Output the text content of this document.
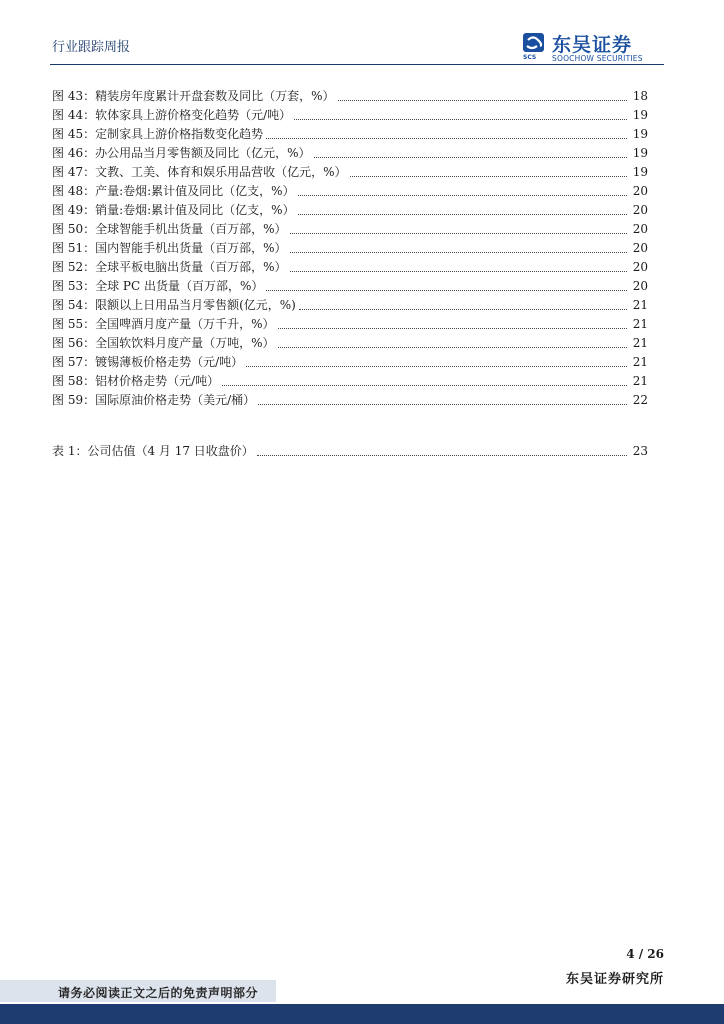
行业跟踪周报
SCS
东吴证券
SOOCHOW SECURITIES
图 43：精装房年度累计开盘套数及同比（万套，%）	18
图 44：软体家具上游价格变化趋势（元/吨）	19
图 45：定制家具上游价格指数变化趋势	19
图 46：办公用品当月零售额及同比（亿元，%）	19
图 47：文教、工美、体育和娱乐用品营收（亿元，%）	19
图 48：产量:卷烟:累计值及同比（亿支，%）	20
图 49：销量:卷烟:累计值及同比（亿支，%）	20
图 50：全球智能手机出货量（百万部，%）	20
图 51：国内智能手机出货量（百万部，%）	20
图 52：全球平板电脑出货量（百万部，%）	20
图 53：全球 PC 出货量（百万部，%）	20
图 54：限额以上日用品当月零售额(亿元，%)	21
图 55：全国啤酒月度产量（万千升，%）	21
图 56：全国软饮料月度产量（万吨，%）	21
图 57：镀锡薄板价格走势（元/吨）	21
图 58：铝材价格走势（元/吨）	21
图 59：国际原油价格走势（美元/桶）	22
表 1：公司估值（4 月 17 日收盘价）	23
4 / 26
东吴证券研究所
请务必阅读正文之后的免责声明部分
